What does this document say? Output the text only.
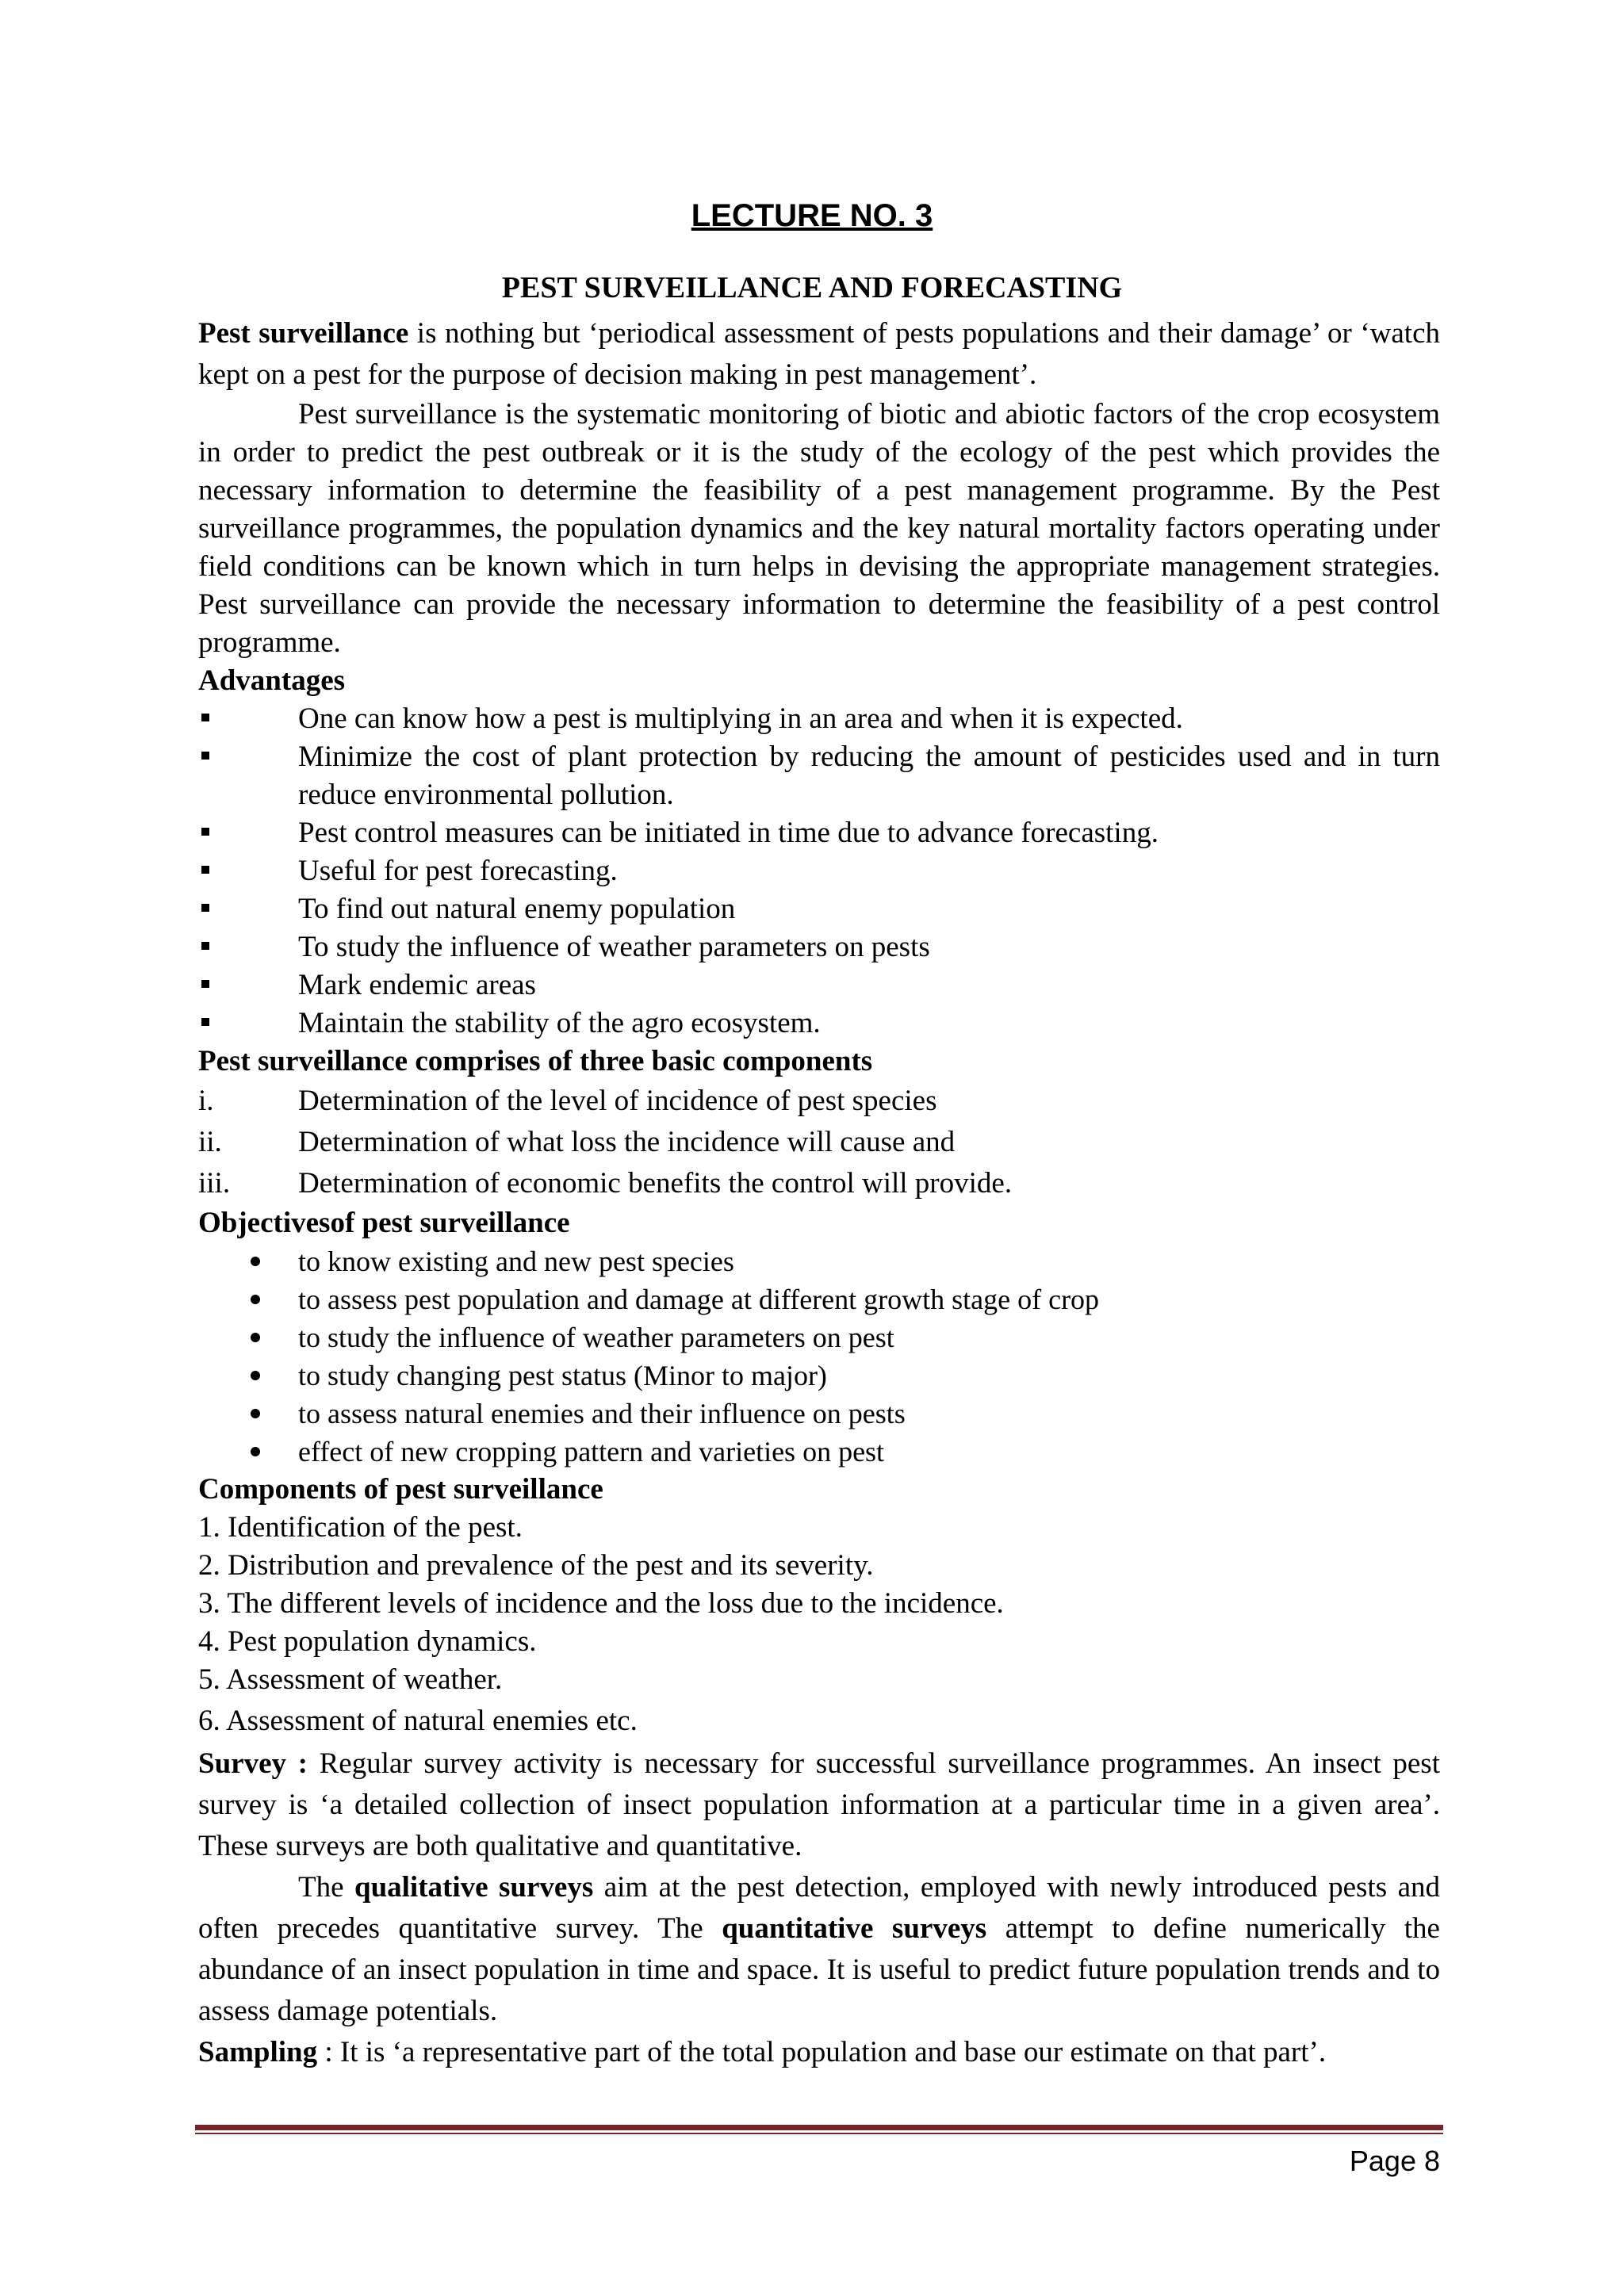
LECTURE NO. 3
PEST SURVEILLANCE AND FORECASTING

Pest surveillance is nothing but ‘periodical assessment of pests populations and their damage’ or ‘watch kept on a pest for the purpose of decision making in pest management’.

Pest surveillance is the systematic monitoring of biotic and abiotic factors of the crop ecosystem in order to predict the pest outbreak or it is the study of the ecology of the pest which provides the necessary information to determine the feasibility of a pest management programme. By the Pest surveillance programmes, the population dynamics and the key natural mortality factors operating under field conditions can be known which in turn helps in devising the appropriate management strategies. Pest surveillance can provide the necessary information to determine the feasibility of a pest control programme.

Advantages

One can know how a pest is multiplying in an area and when it is expected.
Minimize the cost of plant protection by reducing the amount of pesticides used and in turn reduce environmental pollution.
Pest control measures can be initiated in time due to advance forecasting.
Useful for pest forecasting.
To find out natural enemy population
To study the influence of weather parameters on pests
Mark endemic areas
Maintain the stability of the agro ecosystem.

Pest surveillance comprises of three basic components

i.	Determination of the level of incidence of pest species
ii.	Determination of what loss the incidence will cause and
iii. Determination of economic benefits the control will provide.

Objectivesof pest surveillance

to know existing and new pest species
to assess pest population and damage at different growth stage of crop
to study the influence of weather parameters on pest
to study changing pest status (Minor to major)
to assess natural enemies and their influence on pests
effect of new cropping pattern and varieties on pest

Components of pest surveillance

1. Identification of the pest.

2. Distribution and prevalence of the pest and its severity.

3. The different levels of incidence and the loss due to the incidence.

4. Pest population dynamics.

5. Assessment of weather.

6. Assessment of natural enemies etc.

Survey : Regular survey activity is necessary for successful surveillance programmes. An insect pest survey is ‘a detailed collection of insect population information at a particular time in a given area’. These surveys are both qualitative and quantitative.

The qualitative surveys aim at the pest detection, employed with newly introduced pests and often precedes quantitative survey. The quantitative surveys attempt to define numerically the abundance of an insect population in time and space. It is useful to predict future population trends and to assess damage potentials.

Sampling : It is ‘a representative part of the total population and base our estimate on that part’.

Page 8
